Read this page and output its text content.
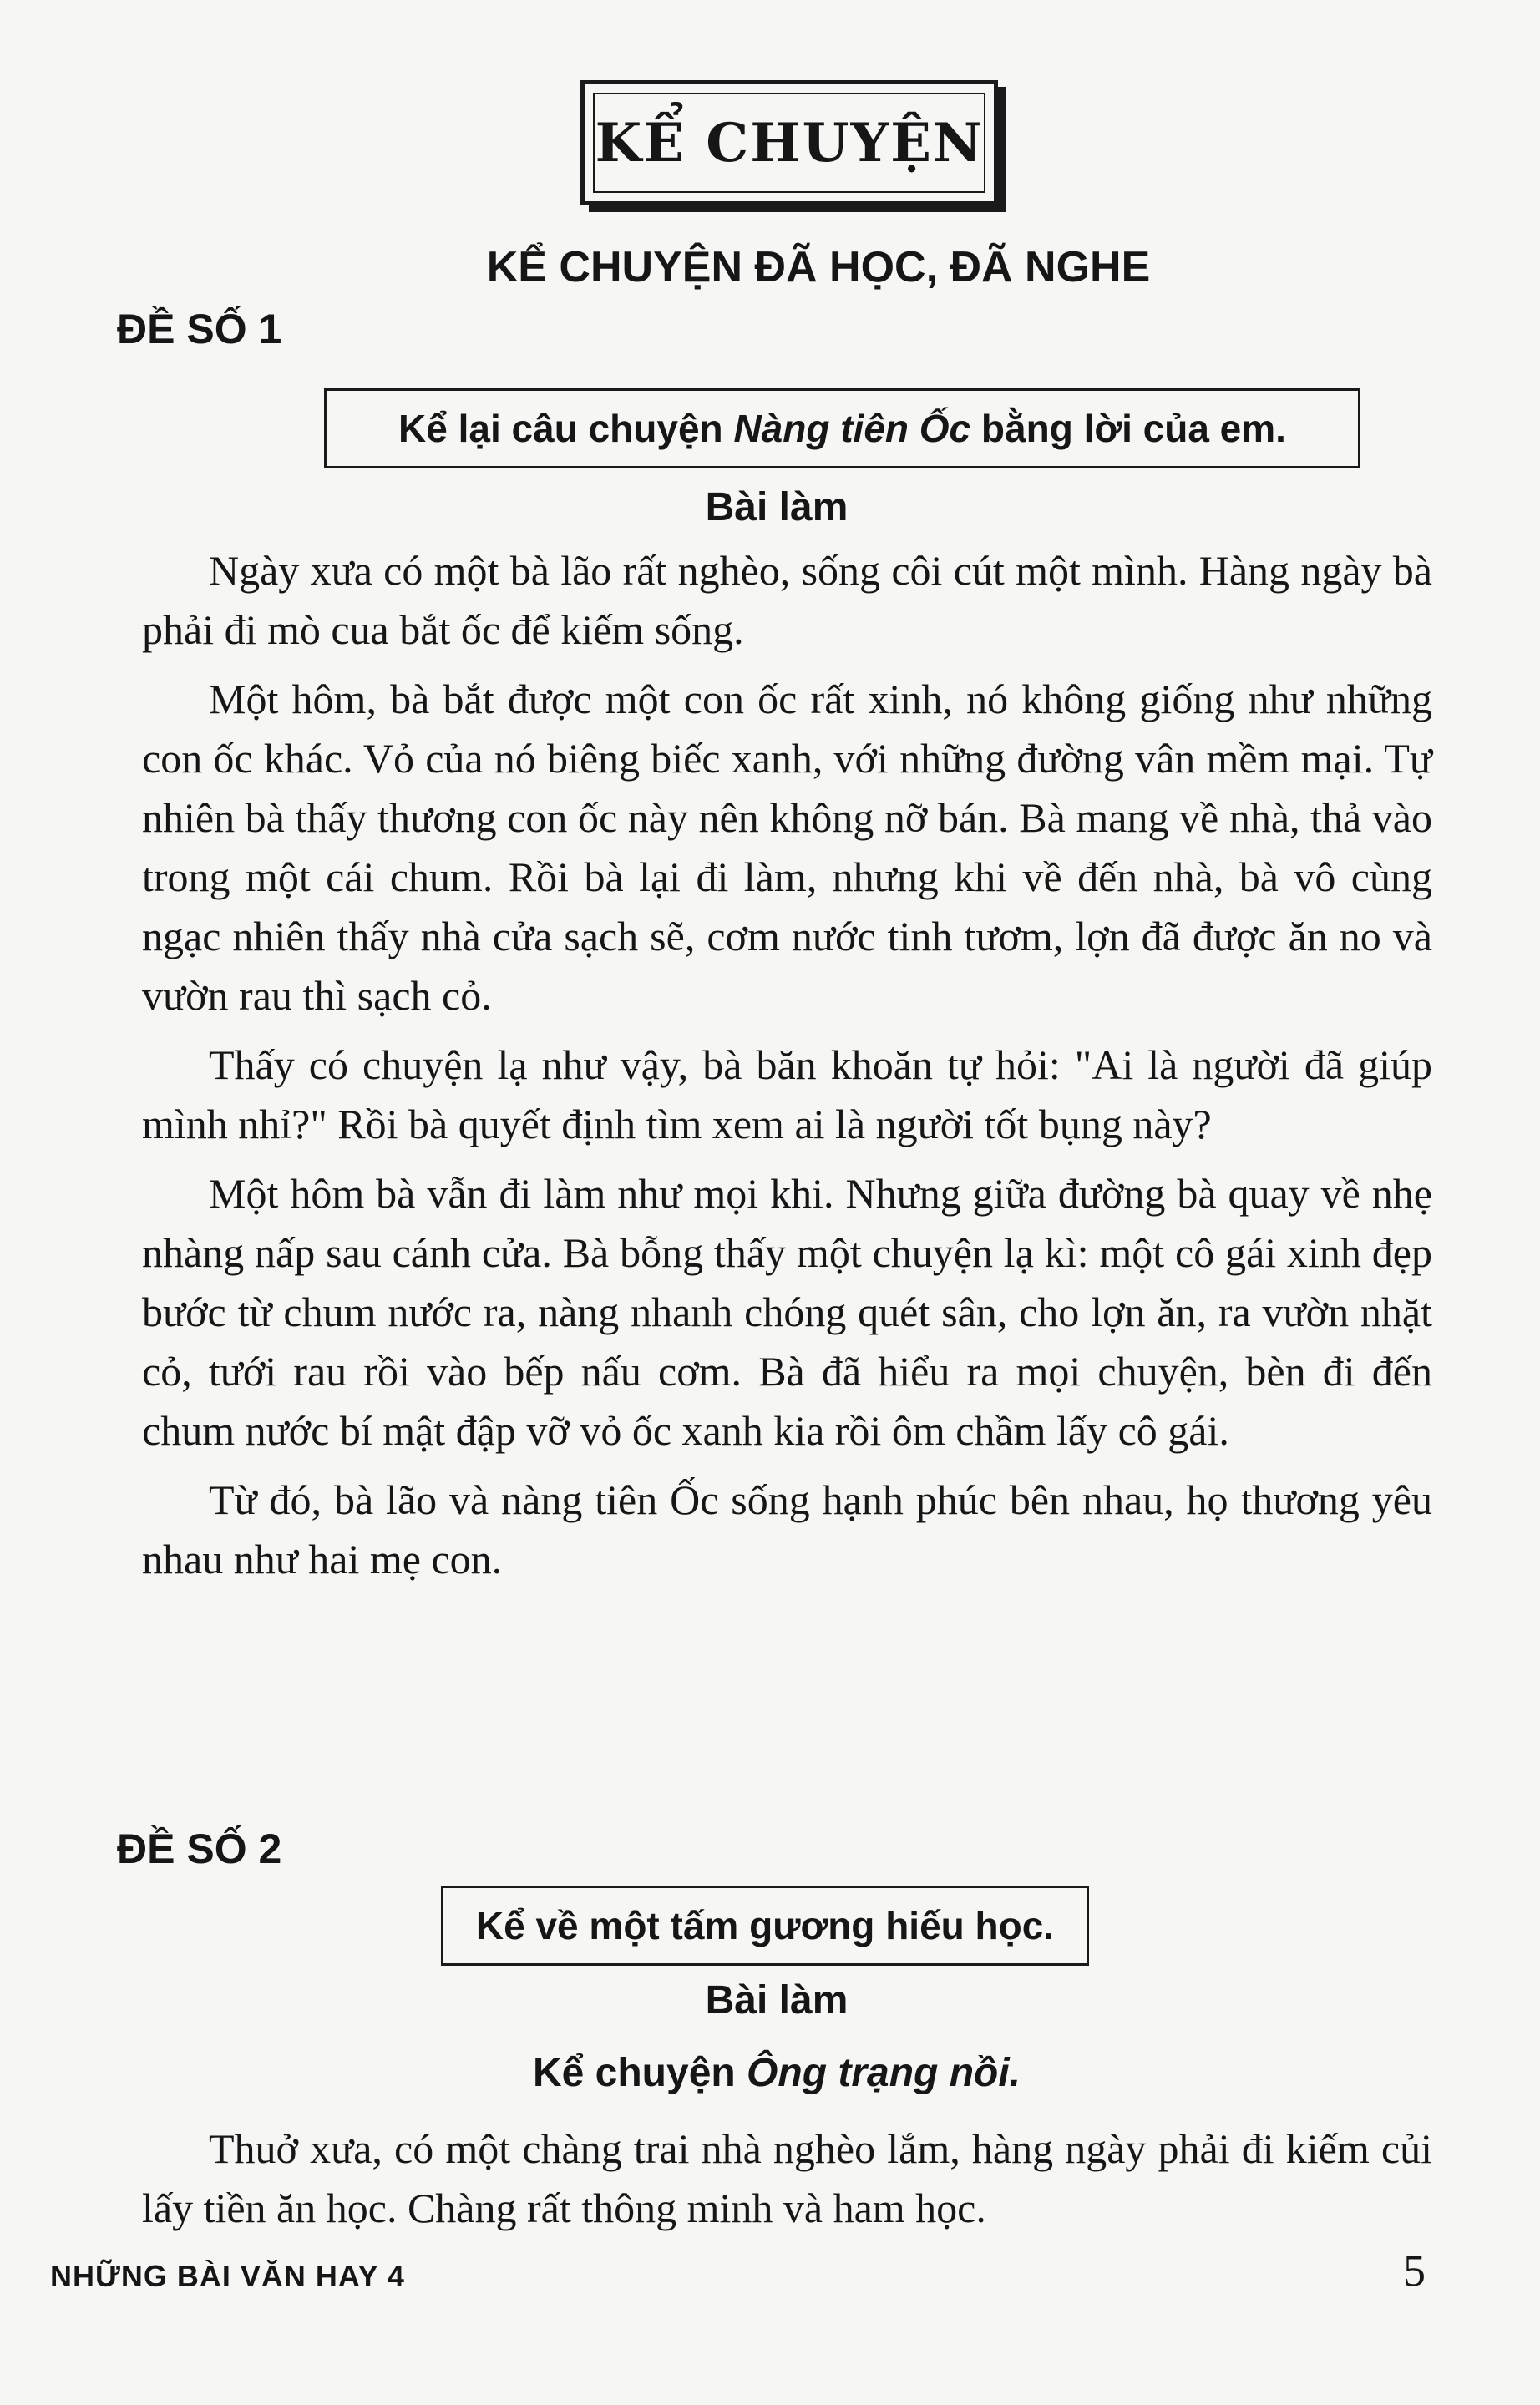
KỂ CHUYỆN
KỂ CHUYỆN ĐÃ HỌC, ĐÃ NGHE
ĐỀ SỐ 1
Kể lại câu chuyện Nàng tiên Ốc bằng lời của em.
Bài làm

Ngày xưa có một bà lão rất nghèo, sống côi cút một mình. Hàng ngày bà phải đi mò cua bắt ốc để kiếm sống.

Một hôm, bà bắt được một con ốc rất xinh, nó không giống như những con ốc khác. Vỏ của nó biêng biếc xanh, với những đường vân mềm mại. Tự nhiên bà thấy thương con ốc này nên không nỡ bán. Bà mang về nhà, thả vào trong một cái chum. Rồi bà lại đi làm, nhưng khi về đến nhà, bà vô cùng ngạc nhiên thấy nhà cửa sạch sẽ, cơm nước tinh tươm, lợn đã được ăn no và vườn rau thì sạch cỏ.

Thấy có chuyện lạ như vậy, bà băn khoăn tự hỏi: "Ai là người đã giúp mình nhỉ?" Rồi bà quyết định tìm xem ai là người tốt bụng này?

Một hôm bà vẫn đi làm như mọi khi. Nhưng giữa đường bà quay về nhẹ nhàng nấp sau cánh cửa. Bà bỗng thấy một chuyện lạ kì: một cô gái xinh đẹp bước từ chum nước ra, nàng nhanh chóng quét sân, cho lợn ăn, ra vườn nhặt cỏ, tưới rau rồi vào bếp nấu cơm. Bà đã hiểu ra mọi chuyện, bèn đi đến chum nước bí mật đập vỡ vỏ ốc xanh kia rồi ôm chầm lấy cô gái.

Từ đó, bà lão và nàng tiên Ốc sống hạnh phúc bên nhau, họ thương yêu nhau như hai mẹ con.

ĐỀ SỐ 2
Kể về một tấm gương hiếu học.
Bài làm
Kể chuyện Ông trạng nồi.

Thuở xưa, có một chàng trai nhà nghèo lắm, hàng ngày phải đi kiếm củi lấy tiền ăn học. Chàng rất thông minh và ham học.

NHỮNG BÀI VĂN HAY 4	5
